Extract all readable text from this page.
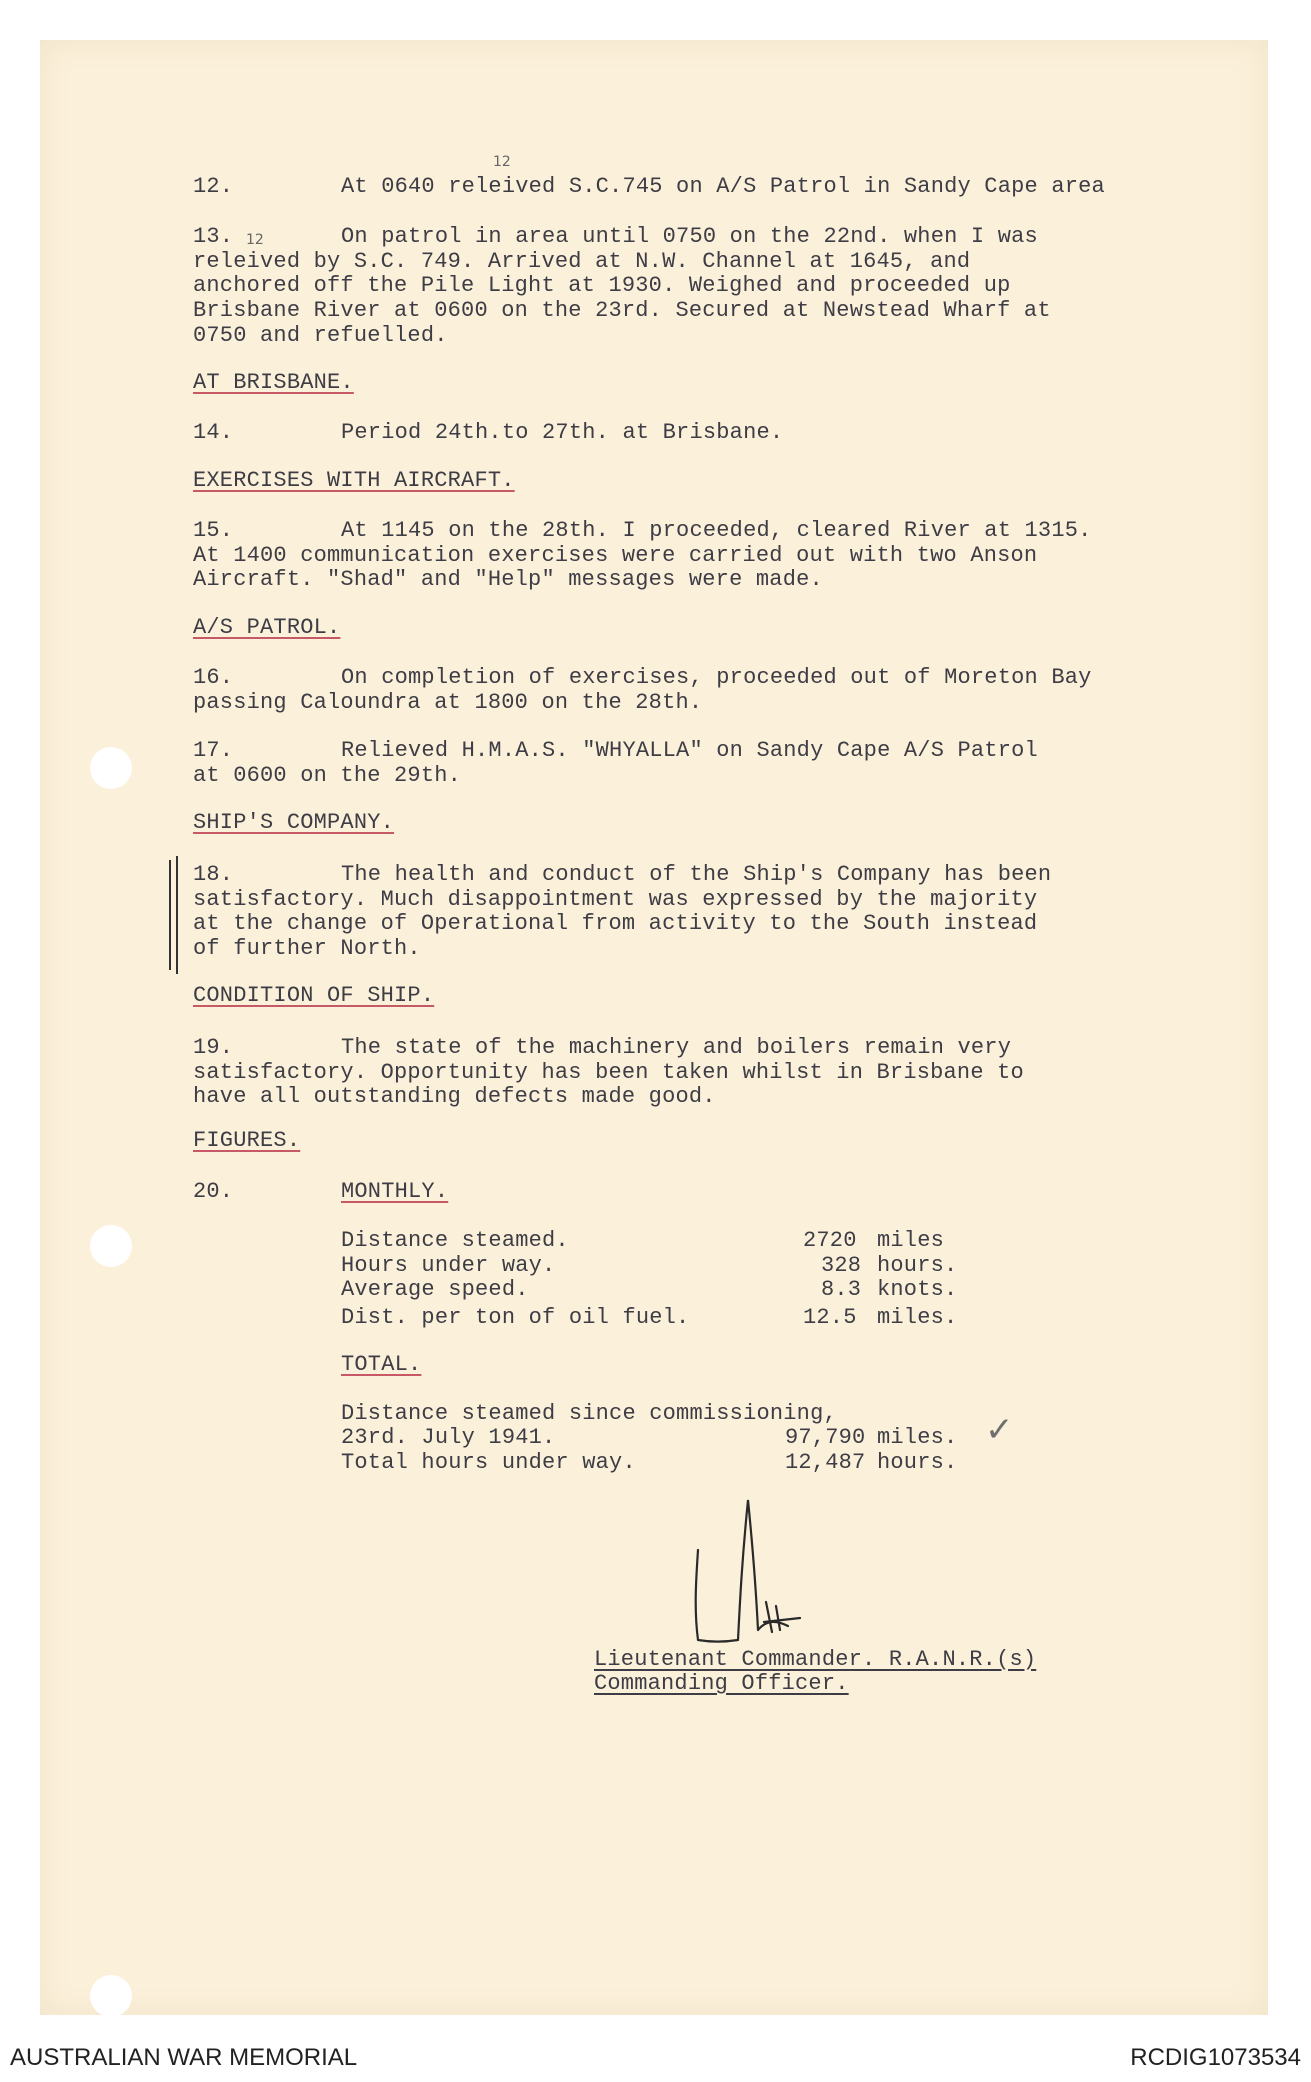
12
12
12.	At 0640 releived S.C.745 on A/S Patrol in Sandy Cape area
13.	On patrol in area until 0750 on the 22nd. when I was
releived by S.C. 749. Arrived at N.W. Channel at 1645, and
anchored off the Pile Light at 1930. Weighed and proceeded up
Brisbane River at 0600 on the 23rd. Secured at Newstead Wharf at
0750 and refuelled.
AT BRISBANE.
14.	Period 24th.to 27th. at Brisbane.
EXERCISES WITH AIRCRAFT.
15.	At 1145 on the 28th. I proceeded, cleared River at 1315.
At 1400 communication exercises were carried out with two Anson
Aircraft. "Shad" and "Help" messages were made.
A/S PATROL.
16.	On completion of exercises, proceeded out of Moreton Bay
passing Caloundra at 1800 on the 28th.
17.	Relieved H.M.A.S. "WHYALLA" on Sandy Cape A/S Patrol
at 0600 on the 29th.
SHIP'S COMPANY.
18.	The health and conduct of the Ship's Company has been
satisfactory. Much disappointment was expressed by the majority
at the change of Operational from activity to the South instead
of further North.
CONDITION OF SHIP.
19.	The state of the machinery and boilers remain very
satisfactory. Opportunity has been taken whilst in Brisbane to
have all outstanding defects made good.
FIGURES.
20.	MONTHLY.
Distance steamed.	2720 miles
Hours under way.	328 hours.
Average speed.	8.3 knots.
Dist. per ton of oil fuel.	12.5 miles.
TOTAL.
Distance steamed since commissioning,
23rd. July 1941.	97,790 miles. ✓
Total hours under way.	12,487 hours.
Lieutenant Commander. R.A.N.R.(s)
Commanding Officer.
AUSTRALIAN WAR MEMORIAL	RCDIG1073534
